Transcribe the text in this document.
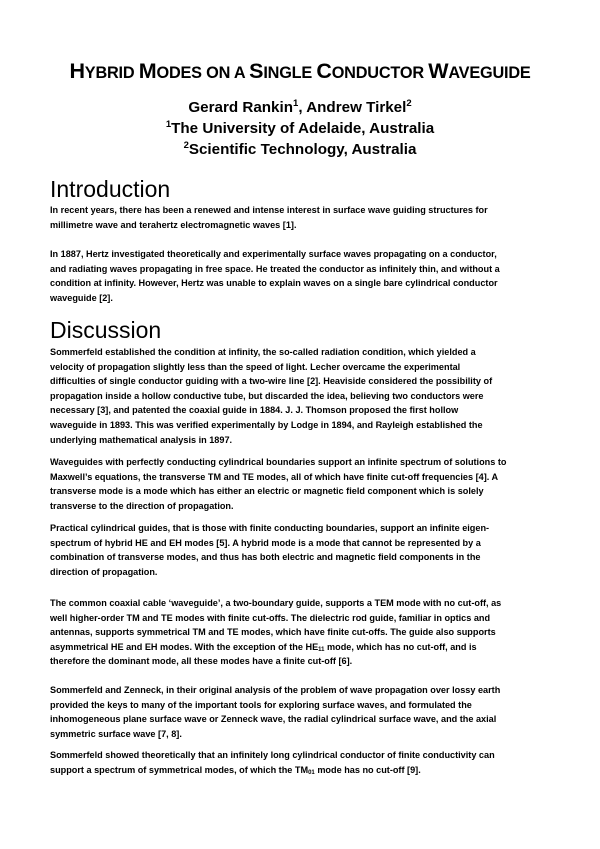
HYBRID MODES ON A SINGLE CONDUCTOR WAVEGUIDE
Gerard Rankin$^1$, Andrew Tirkel$^2$
$^1$The University of Adelaide, Australia
$^2$Scientific Technology, Australia
Introduction
In recent years, there has been a renewed and intense interest in surface wave guiding structures for
millimetre wave and terahertz electromagnetic waves [1].
In 1887, Hertz investigated theoretically and experimentally surface waves propagating on a conductor,
and radiating waves propagating in free space. He treated the conductor as infinitely thin, and without a
condition at infinity. However, Hertz was unable to explain waves on a single bare cylindrical conductor
waveguide [2].
Discussion
Sommerfeld established the condition at infinity, the so-called radiation condition, which yielded a
velocity of propagation slightly less than the speed of light. Lecher overcame the experimental
difficulties of single conductor guiding with a two-wire line [2]. Heaviside considered the possibility of
propagation inside a hollow conductive tube, but discarded the idea, believing two conductors were
necessary [3], and patented the coaxial guide in 1884. J. J. Thomson proposed the first hollow
waveguide in 1893. This was verified experimentally by Lodge in 1894, and Rayleigh established the
underlying mathematical analysis in 1897.
Waveguides with perfectly conducting cylindrical boundaries support an infinite spectrum of solutions to
Maxwell’s equations, the transverse TM and TE modes, all of which have finite cut-off frequencies [4]. A
transverse mode is a mode which has either an electric or magnetic field component which is solely
transverse to the direction of propagation.
Practical cylindrical guides, that is those with finite conducting boundaries, support an infinite eigen-
spectrum of hybrid HE and EH modes [5]. A hybrid mode is a mode that cannot be represented by a
combination of transverse modes, and thus has both electric and magnetic field components in the
direction of propagation.
The common coaxial cable ‘waveguide’, a two-boundary guide, supports a TEM mode with no cut-off, as
well higher-order TM and TE modes with finite cut-offs. The dielectric rod guide, familiar in optics and
antennas, supports symmetrical TM and TE modes, which have finite cut-offs. The guide also supports
asymmetrical HE and EH modes. With the exception of the $HE_{11}$ mode, which has no cut-off, and is
therefore the dominant mode, all these modes have a finite cut-off [6].
Sommerfeld and Zenneck, in their original analysis of the problem of wave propagation over lossy earth
provided the keys to many of the important tools for exploring surface waves, and formulated the
inhomogeneous plane surface wave or Zenneck wave, the radial cylindrical surface wave, and the axial
symmetric surface wave [7, 8].
Sommerfeld showed theoretically that an infinitely long cylindrical conductor of finite conductivity can
support a spectrum of symmetrical modes, of which the $TM_{01}$ mode has no cut-off [9].
